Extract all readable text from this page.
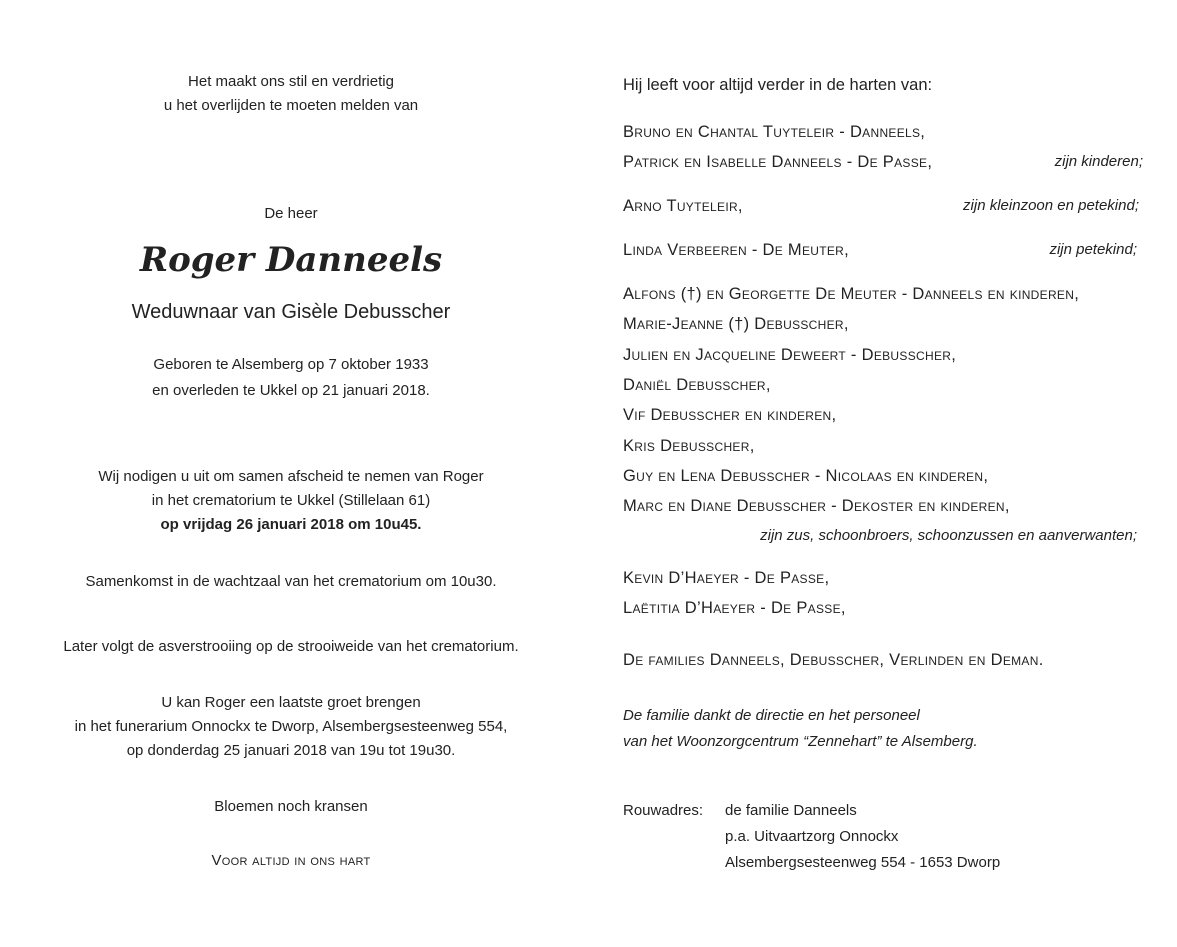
Het maakt ons stil en verdrietig
u het overlijden te moeten melden van
De heer
Roger Danneels
Weduwnaar van Gisèle Debusscher
Geboren te Alsemberg op 7 oktober 1933
en overleden te Ukkel op 21 januari 2018.
Wij nodigen u uit om samen afscheid te nemen van Roger
in het crematorium te Ukkel (Stillelaan 61)
op vrijdag 26 januari 2018 om 10u45.
Samenkomst in de wachtzaal van het crematorium om 10u30.
Later volgt de asverstrooiing op de strooiweide van het crematorium.
U kan Roger een laatste groet brengen
in het funerarium Onnockx te Dworp, Alsembergsesteenweg 554,
op donderdag 25 januari 2018 van 19u tot 19u30.
Bloemen noch kransen
Voor altijd in ons hart
Hij leeft voor altijd verder in de harten van:
Bruno en Chantal Tuyteleir - Danneels,
Patrick en Isabelle Danneels - De Passe,	zijn kinderen;
Arno Tuyteleir,	zijn kleinzoon en petekind;
Linda Verbeeren - De Meuter,	zijn petekind;
Alfons (†) en Georgette De Meuter - Danneels en kinderen,
Marie-Jeanne (†) Debusscher,
Julien en Jacqueline Deweert - Debusscher,
Daniël Debusscher,
Vif Debusscher en kinderen,
Kris Debusscher,
Guy en Lena Debusscher - Nicolaas en kinderen,
Marc en Diane Debusscher - Dekoster en kinderen,
zijn zus, schoonbroers, schoonzussen en aanverwanten;
Kevin D’Haeyer - De Passe,
Laëtitia D’Haeyer - De Passe,
De families Danneels, Debusscher, Verlinden en Deman.
De familie dankt de directie en het personeel
van het Woonzorgcentrum “Zennehart” te Alsemberg.
Rouwadres: de familie Danneels
p.a. Uitvaartzorg Onnockx
Alsembergsesteenweg 554 - 1653 Dworp
